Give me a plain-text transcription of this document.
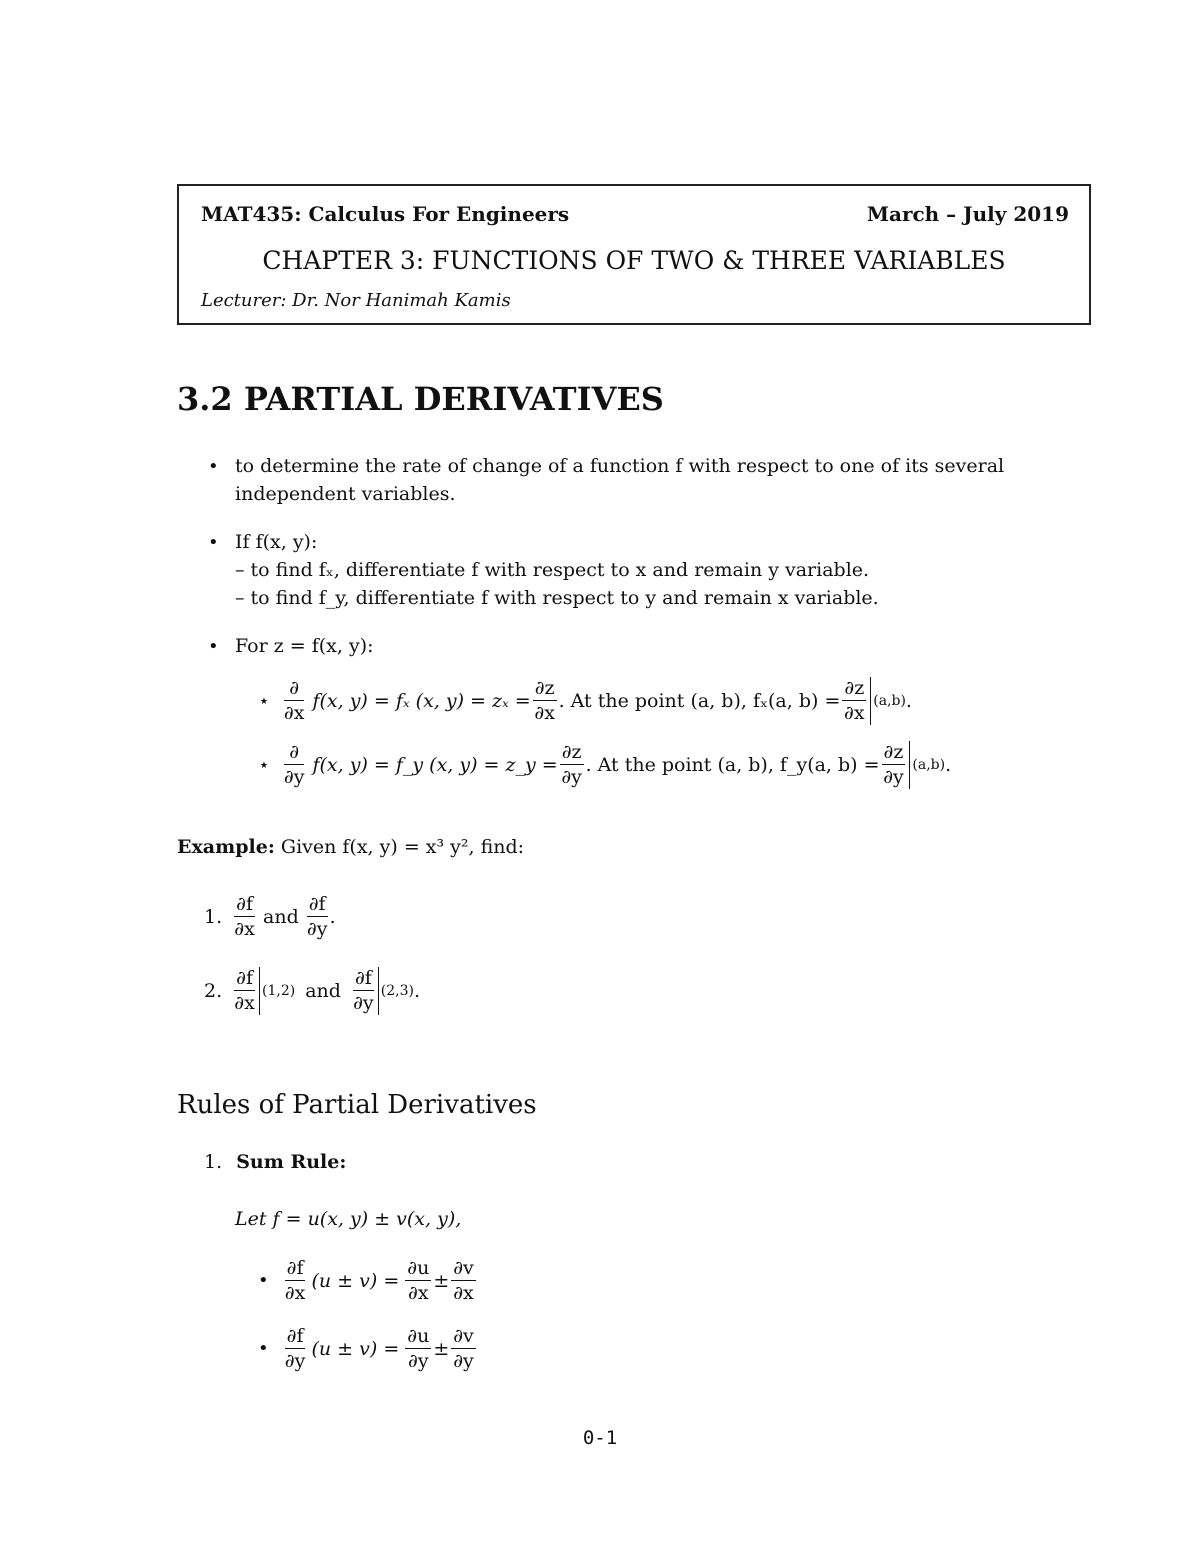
MAT435: Calculus For Engineers	March – July 2019
CHAPTER 3: FUNCTIONS OF TWO & THREE VARIABLES
Lecturer: Dr. Nor Hanimah Kamis
3.2 PARTIAL DERIVATIVES
• to determine the rate of change of a function f with respect to one of its several
independent variables.
• If f(x, y):
– to find fₓ, differentiate f with respect to x and remain y variable.
– to find f_y, differentiate f with respect to y and remain x variable.
• For z = f(x, y):
⋆ $\frac{\partial}{\partial x} f(x$, y) = fₓ (x, $y) = z_x = \frac{\partial z}{\partial x}$ . At the point (a, b), fₓ(a, $b) = \frac{\partial z}{\partial x} (a,b)$ .
⋆ $\frac{\partial}{\partial y} f(x$, y) = f_y (x, y) = z_y = $\frac{\partial z}{\partial y}$ . At the point (a, b), f_y(a, $b) = \frac{\partial z}{\partial y} (a,b)$ .
Example: Given f(x, y) = x³ y², find:
1. $\frac{\partial f}{\partial x}$ and $\frac{\partial f}{\partial y}$ .
2. $\frac{\partial f}{\partial x} (1,2)$ and $\frac{\partial f}{\partial y} (2,3)$ .
Rules of Partial Derivatives
1. Sum Rule:
Let f = u(x, y) ± v(x, y),
• $\frac{\partial f}{\partial x} (u \pm v) = \frac{\partial u}{\partial x} \pm \frac{\partial v}{\partial x}$
• $\frac{\partial f}{\partial y} (u \pm v) = \frac{\partial u}{\partial y} \pm \frac{\partial v}{\partial y}$
0-1
